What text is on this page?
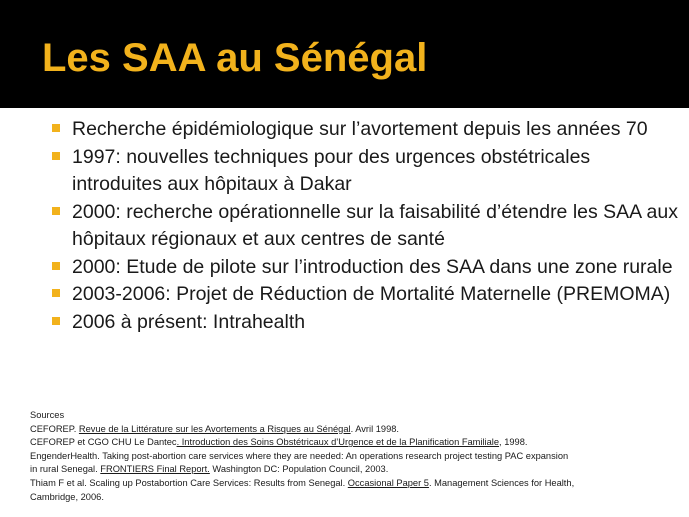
Les SAA au Sénégal
Recherche épidémiologique sur l’avortement depuis les années 70
1997: nouvelles techniques pour des urgences obstétricales introduites aux hôpitaux à Dakar
2000: recherche opérationnelle sur la faisabilité d’étendre les SAA aux hôpitaux régionaux et aux centres de santé
2000: Etude de pilote sur l’introduction des SAA dans une zone rurale
2003-2006: Projet de Réduction de Mortalité Maternelle (PREMOMA)
2006 à présent: Intrahealth
Sources
CEFOREP. Revue de la Littérature sur les Avortements a Risques au Sénégal. Avril 1998.
CEFOREP et CGO CHU Le Dantec. Introduction des Soins Obstétricaux d’Urgence et de la Planification Familiale, 1998.
EngenderHealth. Taking post-abortion care services where they are needed: An operations research project testing PAC expansion
in rural Senegal. FRONTIERS Final Report. Washington DC: Population Council, 2003.
Thiam F et al. Scaling up Postabortion Care Services: Results from Senegal. Occasional Paper 5. Management Sciences for Health,
Cambridge, 2006.
